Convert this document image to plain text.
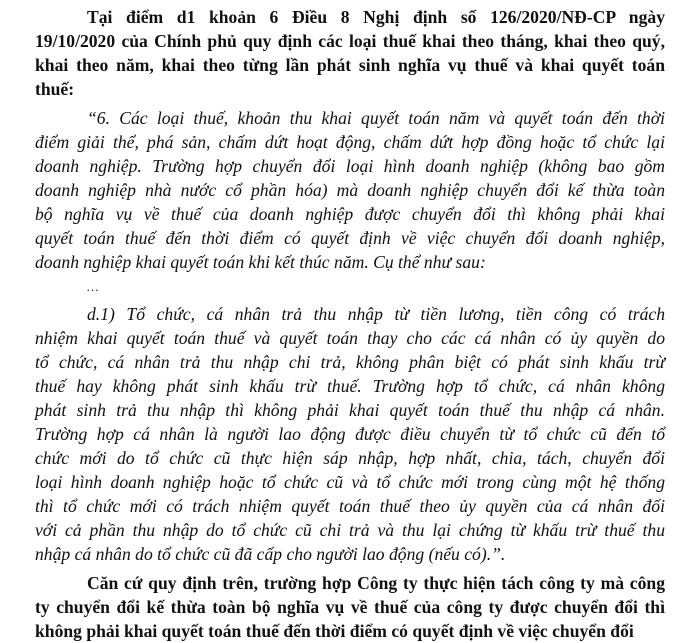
Tại điểm d1 khoản 6 Điều 8 Nghị định số 126/2020/NĐ-CP ngày
19/10/2020 của Chính phủ quy định các loại thuế khai theo tháng, khai theo quý,
khai theo năm, khai theo từng lần phát sinh nghĩa vụ thuế và khai quyết toán
thuế:
“6. Các loại thuế, khoản thu khai quyết toán năm và quyết toán đến thời
điểm giải thể, phá sản, chấm dứt hoạt động, chấm dứt hợp đồng hoặc tổ chức lại
doanh nghiệp. Trường hợp chuyển đổi loại hình doanh nghiệp (không bao gồm
doanh nghiệp nhà nước cổ phần hóa) mà doanh nghiệp chuyển đổi kế thừa toàn
bộ nghĩa vụ về thuế của doanh nghiệp được chuyển đổi thì không phải khai
quyết toán thuế đến thời điểm có quyết định về việc chuyển đổi doanh nghiệp,
doanh nghiệp khai quyết toán khi kết thúc năm. Cụ thể như sau:
…
d.1) Tổ chức, cá nhân trả thu nhập từ tiền lương, tiền công có trách
nhiệm khai quyết toán thuế và quyết toán thay cho các cá nhân có ủy quyền do
tổ chức, cá nhân trả thu nhập chi trả, không phân biệt có phát sinh khấu trừ
thuế hay không phát sinh khấu trừ thuế. Trường hợp tổ chức, cá nhân không
phát sinh trả thu nhập thì không phải khai quyết toán thuế thu nhập cá nhân.
Trường hợp cá nhân là người lao động được điều chuyển từ tổ chức cũ đến tổ
chức mới do tổ chức cũ thực hiện sáp nhập, hợp nhất, chia, tách, chuyển đổi
loại hình doanh nghiệp hoặc tổ chức cũ và tổ chức mới trong cùng một hệ thống
thì tổ chức mới có trách nhiệm quyết toán thuế theo ủy quyền của cá nhân đối
với cả phần thu nhập do tổ chức cũ chi trả và thu lại chứng từ khấu trừ thuế thu
nhập cá nhân do tổ chức cũ đã cấp cho người lao động (nếu có).”.
Căn cứ quy định trên, trường hợp Công ty thực hiện tách công ty mà công
ty chuyển đổi kế thừa toàn bộ nghĩa vụ về thuế của công ty được chuyển đổi thì
không phải khai quyết toán thuế đến thời điểm có quyết định về việc chuyển đổi
